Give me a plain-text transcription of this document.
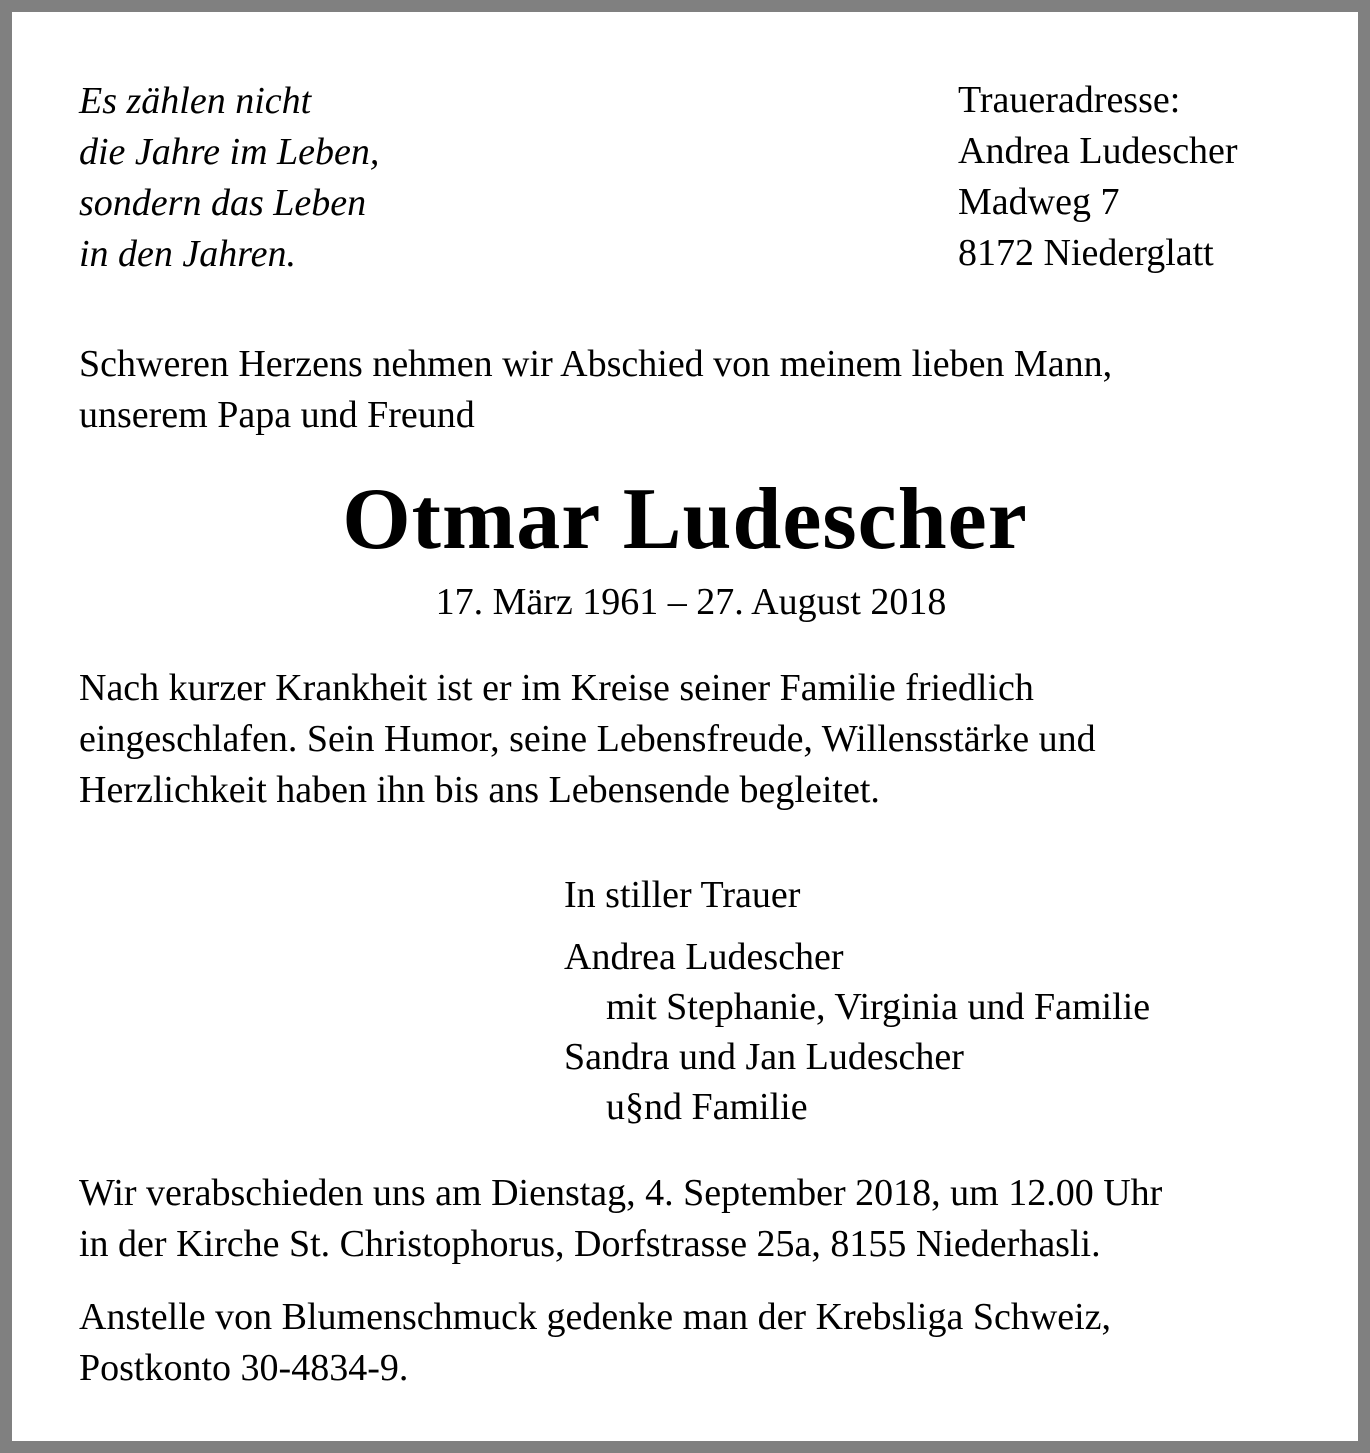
Es zählen nicht
die Jahre im Leben,
sondern das Leben
in den Jahren.

Traueradresse:
Andrea Ludescher
Madweg 7
8172 Niederglatt

Schweren Herzens nehmen wir Abschied von meinem lieben Mann,
unserem Papa und Freund

Otmar Ludescher

17. März 1961 – 27. August 2018

Nach kurzer Krankheit ist er im Kreise seiner Familie friedlich
eingeschlafen. Sein Humor, seine Lebensfreude, Willensstärke und
Herzlichkeit haben ihn bis ans Lebensende begleitet.

In stiller Trauer

Andrea Ludescher
mit Stephanie, Virginia und Familie
Sandra und Jan Ludescher
u§nd Familie

Wir verabschieden uns am Dienstag, 4. September 2018, um 12.00 Uhr
in der Kirche St. Christophorus, Dorfstrasse 25a, 8155 Niederhasli.

Anstelle von Blumenschmuck gedenke man der Krebsliga Schweiz,
Postkonto 30-4834-9.
